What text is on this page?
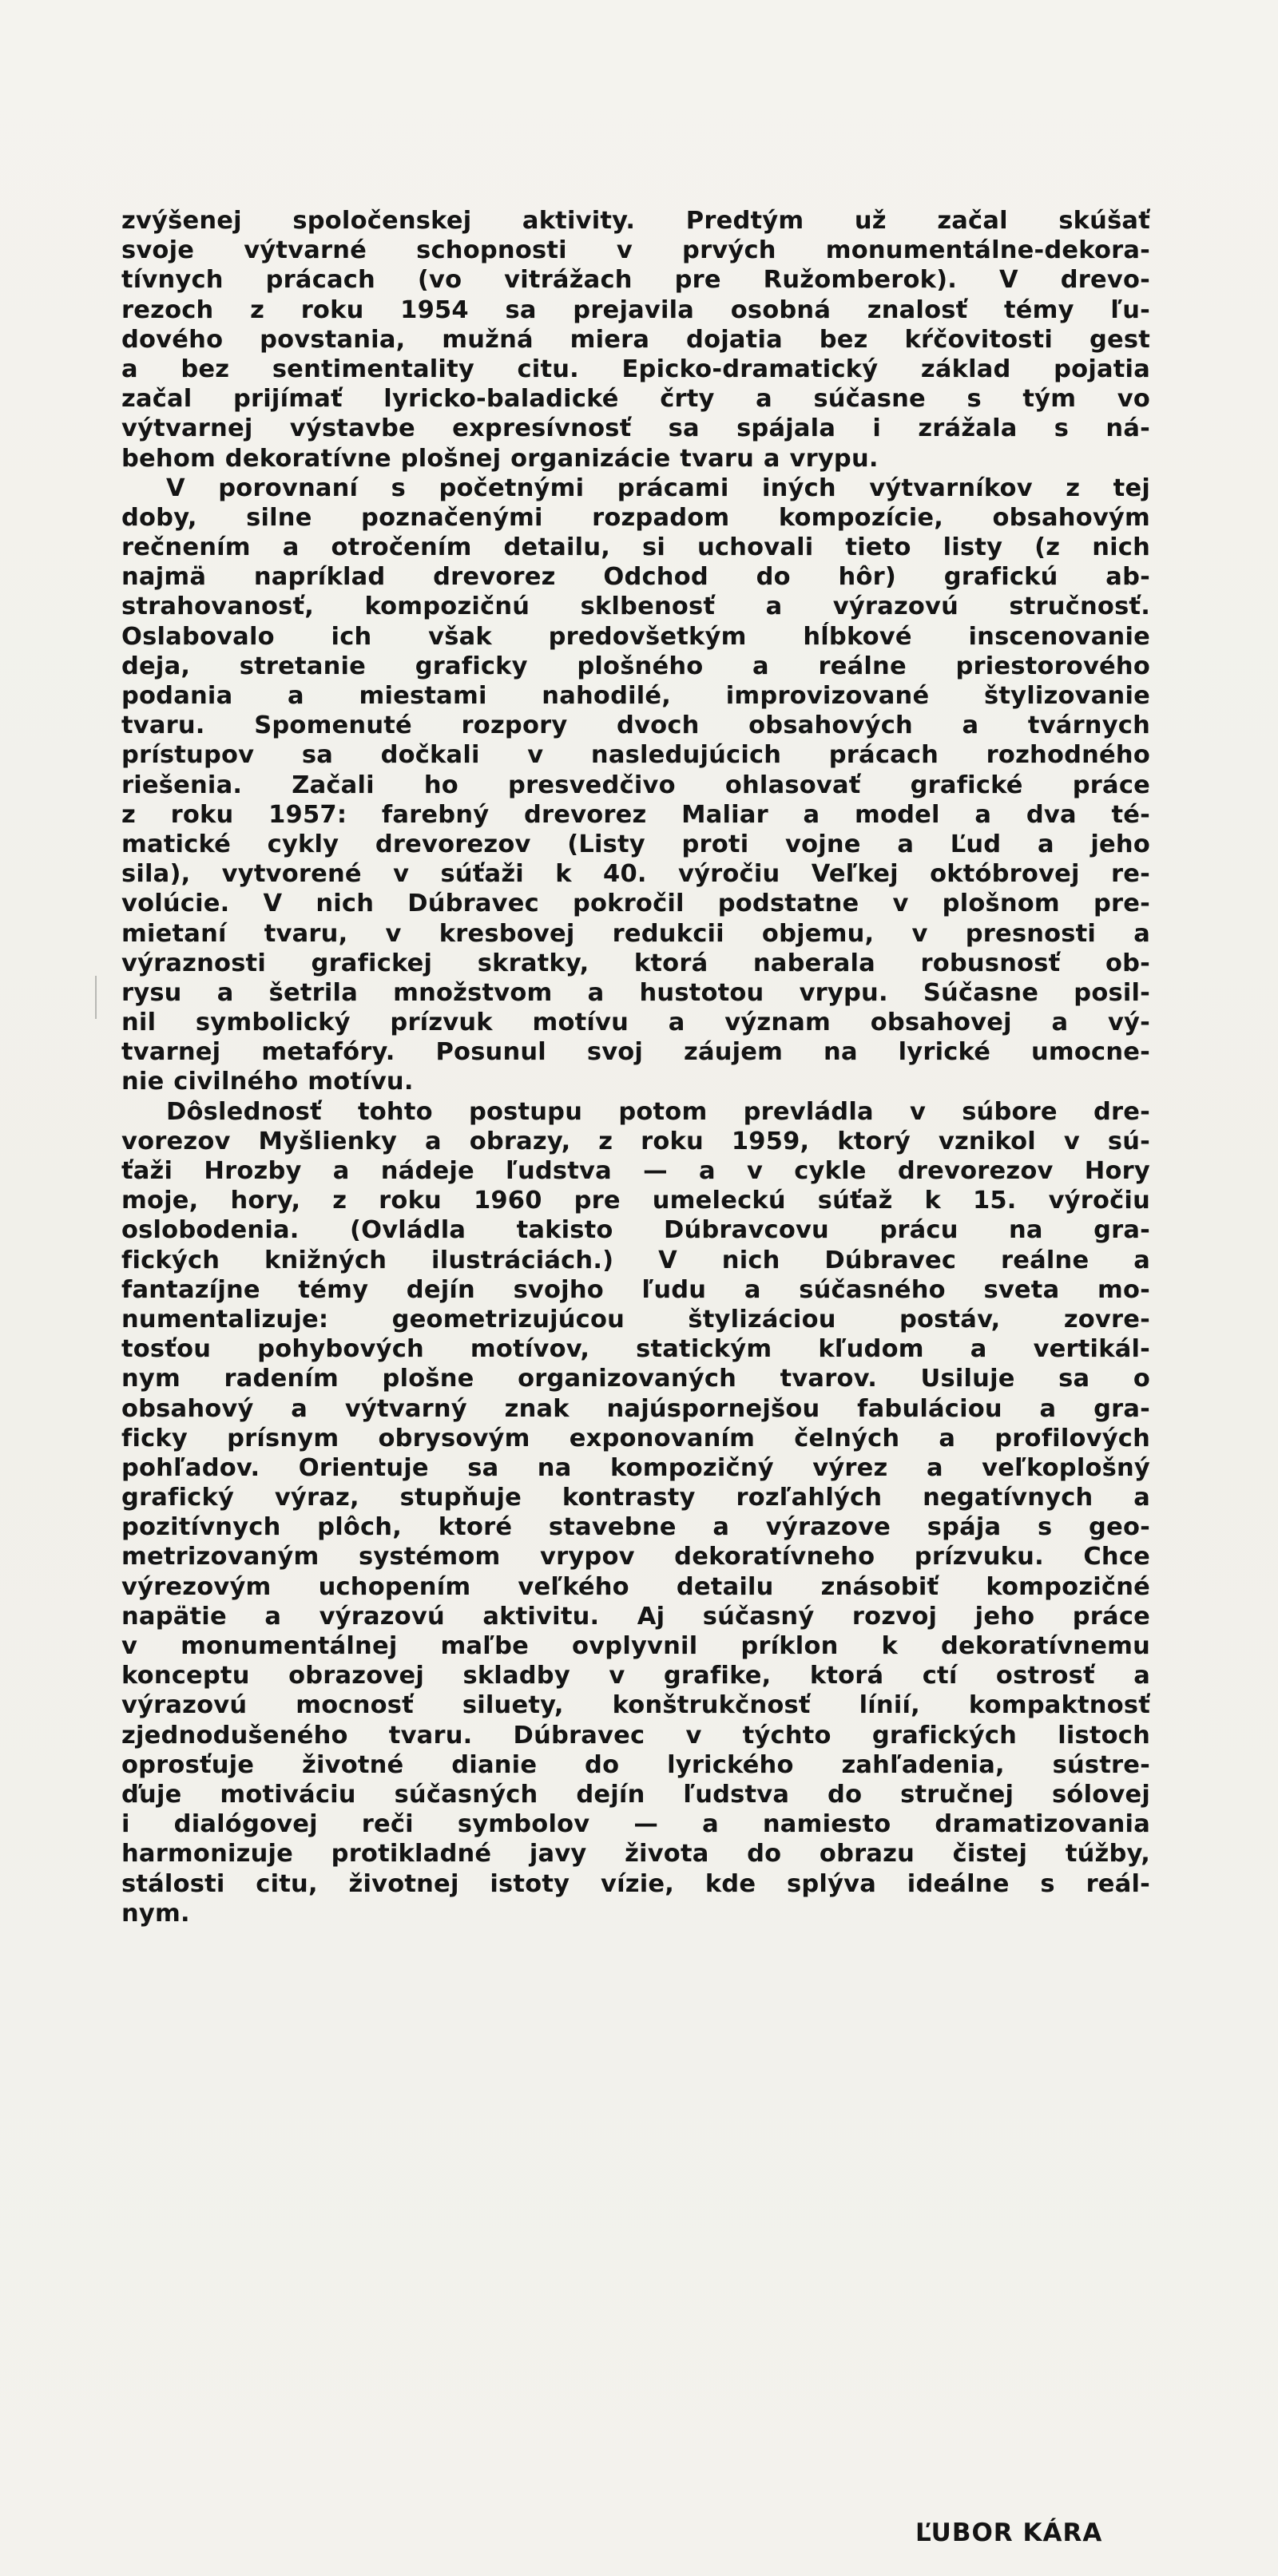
zvýšenej spoločenskej aktivity. Predtým už začal skúšať
svoje výtvarné schopnosti v prvých monumentálne-dekora-
tívnych prácach (vo vitrážach pre Ružomberok). V drevo-
rezoch z roku 1954 sa prejavila osobná znalosť témy ľu-
dového povstania, mužná miera dojatia bez kŕčovitosti gest
a bez sentimentality citu. Epicko-dramatický základ pojatia
začal prijímať lyricko-baladické črty a súčasne s tým vo
výtvarnej výstavbe expresívnosť sa spájala i zrážala s ná-
behom dekoratívne plošnej organizácie tvaru a vrypu.
V porovnaní s početnými prácami iných výtvarníkov z tej
doby, silne poznačenými rozpadom kompozície, obsahovým
rečnením a otročením detailu, si uchovali tieto listy (z nich
najmä napríklad drevorez Odchod do hôr) grafickú ab-
strahovanosť, kompozičnú sklbenosť a výrazovú stručnosť.
Oslabovalo ich však predovšetkým hĺbkové inscenovanie
deja, stretanie graficky plošného a reálne priestorového
podania a miestami nahodilé, improvizované štylizovanie
tvaru. Spomenuté rozpory dvoch obsahových a tvárnych
prístupov sa dočkali v nasledujúcich prácach rozhodného
riešenia. Začali ho presvedčivo ohlasovať grafické práce
z roku 1957: farebný drevorez Maliar a model a dva té-
matické cykly drevorezov (Listy proti vojne a Ľud a jeho
sila), vytvorené v súťaži k 40. výročiu Veľkej októbrovej re-
volúcie. V nich Dúbravec pokročil podstatne v plošnom pre-
mietaní tvaru, v kresbovej redukcii objemu, v presnosti a
výraznosti grafickej skratky, ktorá naberala robusnosť ob-
rysu a šetrila množstvom a hustotou vrypu. Súčasne posil-
nil symbolický prízvuk motívu a význam obsahovej a vý-
tvarnej metafóry. Posunul svoj záujem na lyrické umocne-
nie civilného motívu.
Dôslednosť tohto postupu potom prevládla v súbore dre-
vorezov Myšlienky a obrazy, z roku 1959, ktorý vznikol v sú-
ťaži Hrozby a nádeje ľudstva — a v cykle drevorezov Hory
moje, hory, z roku 1960 pre umeleckú súťaž k 15. výročiu
oslobodenia. (Ovládla takisto Dúbravcovu prácu na gra-
fických knižných ilustráciách.) V nich Dúbravec reálne a
fantazíjne témy dejín svojho ľudu a súčasného sveta mo-
numentalizuje: geometrizujúcou štylizáciou postáv, zovre-
tosťou pohybových motívov, statickým kľudom a vertikál-
nym radením plošne organizovaných tvarov. Usiluje sa o
obsahový a výtvarný znak najúspornejšou fabuláciou a gra-
ficky prísnym obrysovým exponovaním čelných a profilových
pohľadov. Orientuje sa na kompozičný výrez a veľkoplošný
grafický výraz, stupňuje kontrasty rozľahlých negatívnych a
pozitívnych plôch, ktoré stavebne a výrazove spája s geo-
metrizovaným systémom vrypov dekoratívneho prízvuku. Chce
výrezovým uchopením veľkého detailu znásobiť kompozičné
napätie a výrazovú aktivitu. Aj súčasný rozvoj jeho práce
v monumentálnej maľbe ovplyvnil príklon k dekoratívnemu
konceptu obrazovej skladby v grafike, ktorá ctí ostrosť a
výrazovú mocnosť siluety, konštrukčnosť línií, kompaktnosť
zjednodušeného tvaru. Dúbravec v týchto grafických listoch
oprosťuje životné dianie do lyrického zahľadenia, sústre-
ďuje motiváciu súčasných dejín ľudstva do stručnej sólovej
i dialógovej reči symbolov — a namiesto dramatizovania
harmonizuje protikladné javy života do obrazu čistej túžby,
stálosti citu, životnej istoty vízie, kde splýva ideálne s reál-
nym.
ĽUBOR KÁRA
